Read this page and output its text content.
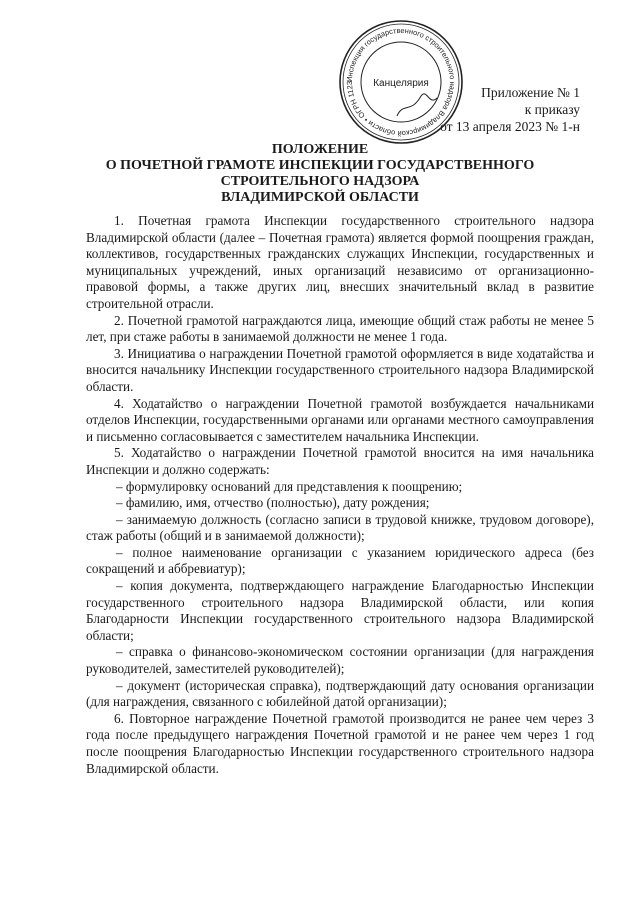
Инспекция государственного строительного надзора Владимирской области • ОГРН 1123	Канцелярия
Приложение № 1
к приказу
от 13 апреля 2023 № 1-н
ПОЛОЖЕНИЕ
О ПОЧЕТНОЙ ГРАМОТЕ ИНСПЕКЦИИ ГОСУДАРСТВЕННОГО
СТРОИТЕЛЬНОГО НАДЗОРА
ВЛАДИМИРСКОЙ ОБЛАСТИ

1. Почетная грамота Инспекции государственного строительного надзора Владимирской области (далее – Почетная грамота) является формой поощрения граждан, коллективов, государственных гражданских служащих Инспекции, государственных и муниципальных учреждений, иных организаций независимо от организационно-правовой формы, а также других лиц, внесших значительный вклад в развитие строительной отрасли.

2. Почетной грамотой награждаются лица, имеющие общий стаж работы не менее 5 лет, при стаже работы в занимаемой должности не менее 1 года.

3. Инициатива о награждении Почетной грамотой оформляется в виде ходатайства и вносится начальнику Инспекции государственного строительного надзора Владимирской области.

4. Ходатайство о награждении Почетной грамотой возбуждается начальниками отделов Инспекции, государственными органами или органами местного самоуправления и письменно согласовывается с заместителем начальника Инспекции.

5. Ходатайство о награждении Почетной грамотой вносится на имя начальника Инспекции и должно содержать:

– формулировку оснований для представления к поощрению;

– фамилию, имя, отчество (полностью), дату рождения;

– занимаемую должность (согласно записи в трудовой книжке, трудовом договоре), стаж работы (общий и в занимаемой должности);

– полное наименование организации с указанием юридического адреса (без сокращений и аббревиатур);

– копия документа, подтверждающего награждение Благодарностью Инспекции государственного строительного надзора Владимирской области, или копия Благодарности Инспекции государственного строительного надзора Владимирской области;

– справка о финансово-экономическом состоянии организации (для награждения руководителей, заместителей руководителей);

– документ (историческая справка), подтверждающий дату основания организации (для награждения, связанного с юбилейной датой организации);

6. Повторное награждение Почетной грамотой производится не ранее чем через 3 года после предыдущего награждения Почетной грамотой и не ранее чем через 1 год после поощрения Благодарностью Инспекции государственного строительного надзора Владимирской области.
